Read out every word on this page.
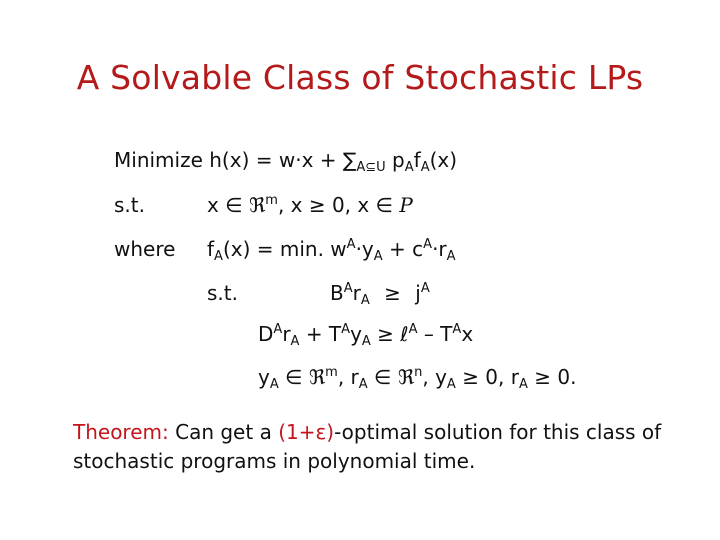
A Solvable Class of Stochastic LPs
Minimize $h(x) = w\cdot x + \sum_{A⊆U}$ $p_Af_A(x)$
s.t.	x ∈ ℜ$^m$, x ≥ 0, x ∈ P
where $f_A(x) = \min$. $w^A\cdot y_A + c^A\cdot r_A$
s.t.	$B^Ar_A \ge j^A$
$D^Ar_A + T^Ay_A$ ≥ ℓ$^A$ – $T^Ax$
$y_A$ ∈ ℜ$^m$, $r_A$ ∈ ℜ$^n$, $y_A \ge 0$, $r_A \ge 0$.
Theorem: Can get a (1+ε)-optimal solution for this class of stochastic programs in polynomial time.
